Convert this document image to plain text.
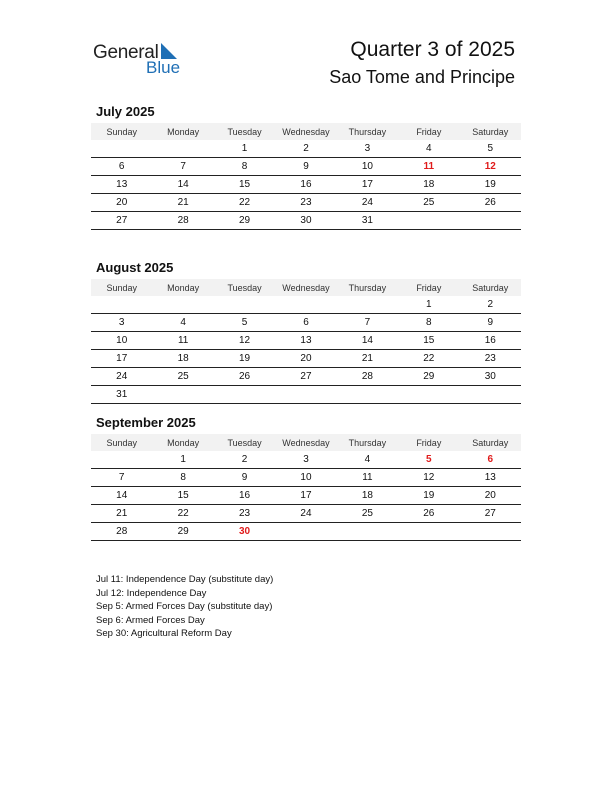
General
Blue
Quarter 3 of 2025
Sao Tome and Principe
July 2025
Sunday	Monday	Tuesday	Wednesday	Thursday	Friday	Saturday
		1	2	3	4	5
6	7	8	9	10	11	12
13	14	15	16	17	18	19
20	21	22	23	24	25	26
27	28	29	30	31		
August 2025
Sunday	Monday	Tuesday	Wednesday	Thursday	Friday	Saturday
					1	2
3	4	5	6	7	8	9
10	11	12	13	14	15	16
17	18	19	20	21	22	23
24	25	26	27	28	29	30
31						
September 2025
Sunday	Monday	Tuesday	Wednesday	Thursday	Friday	Saturday
	1	2	3	4	5	6
7	8	9	10	11	12	13
14	15	16	17	18	19	20
21	22	23	24	25	26	27
28	29	30				
Jul 11: Independence Day (substitute day)
Jul 12: Independence Day
Sep 5: Armed Forces Day (substitute day)
Sep 6: Armed Forces Day
Sep 30: Agricultural Reform Day
